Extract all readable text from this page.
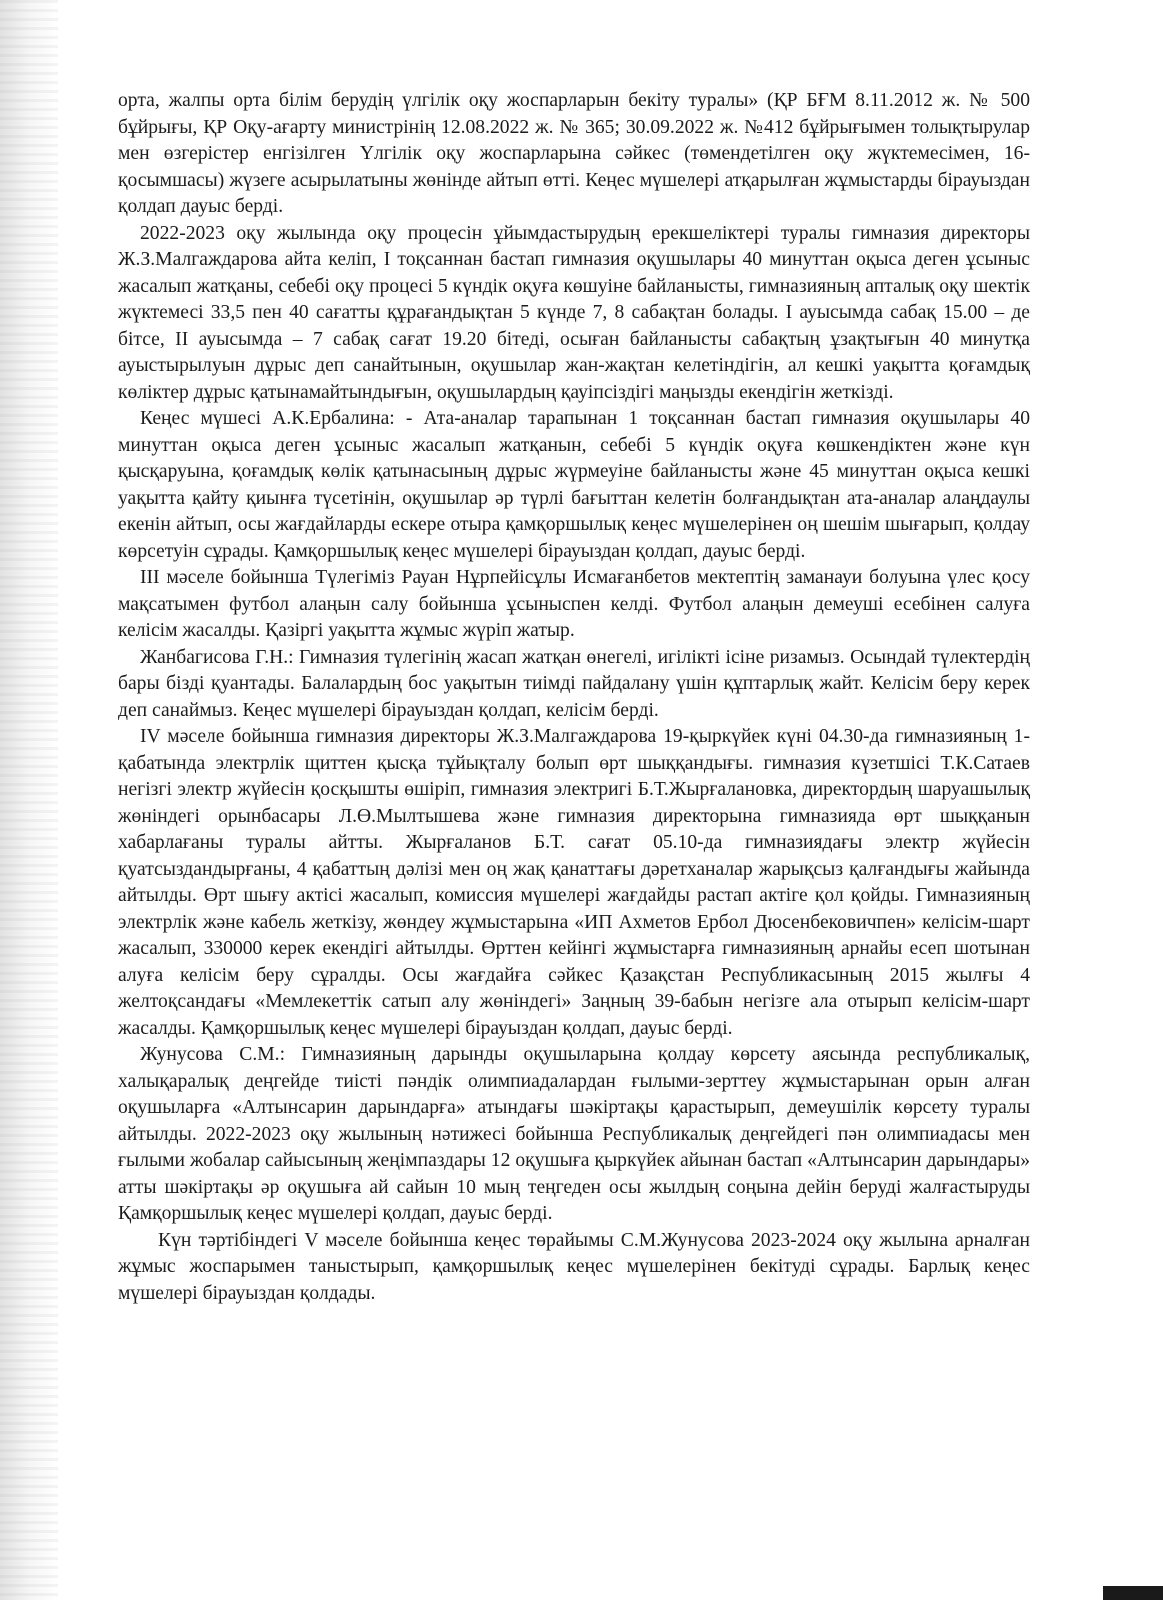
орта, жалпы орта білім берудің үлгілік оқу жоспарларын бекіту туралы» (ҚР БҒМ 8.11.2012 ж. № 500 бұйрығы, ҚР Оқу-ағарту министрінің 12.08.2022 ж. № 365; 30.09.2022 ж. №412 бұйрығымен толықтырулар мен өзгерістер енгізілген Үлгілік оқу жоспарларына сәйкес (төмендетілген оқу жүктемесімен, 16-қосымшасы) жүзеге асырылатыны жөнінде айтып өтті. Кеңес мүшелері атқарылған жұмыстарды бірауыздан қолдап дауыс берді.

2022-2023 оқу жылында оқу процесін ұйымдастырудың ерекшеліктері туралы гимназия директоры Ж.З.Малгаждарова айта келіп, І тоқсаннан бастап гимназия оқушылары 40 минуттан оқыса деген ұсыныс жасалып жатқаны, себебі оқу процесі 5 күндік оқуға көшуіне байланысты, гимназияның апталық оқу шектік жүктемесі 33,5 пен 40 сағатты құрағандықтан 5 күнде 7, 8 сабақтан болады. І ауысымда сабақ 15.00 – де бітсе, ІІ ауысымда – 7 сабақ сағат 19.20 бітеді, осыған байланысты сабақтың ұзақтығын 40 минутқа ауыстырылуын дұрыс деп санайтынын, оқушылар жан-жақтан келетіндігін, ал кешкі уақытта қоғамдық көліктер дұрыс қатынамайтындығын, оқушылардың қауіпсіздігі маңызды екендігін жеткізді.

Кеңес мүшесі А.К.Ербалина: - Ата-аналар тарапынан 1 тоқсаннан бастап гимназия оқушылары 40 минуттан оқыса деген ұсыныс жасалып жатқанын, себебі 5 күндік оқуға көшкендіктен және күн қысқаруына, қоғамдық көлік қатынасының дұрыс жүрмеуіне байланысты және 45 минуттан оқыса кешкі уақытта қайту қиынға түсетінін, оқушылар әр түрлі бағыттан келетін болғандықтан ата-аналар алаңдаулы екенін айтып, осы жағдайларды ескере отыра қамқоршылық кеңес мүшелерінен оң шешім шығарып, қолдау көрсетуін сұрады. Қамқоршылық кеңес мүшелері бірауыздан қолдап, дауыс берді.

ІІІ мәселе бойынша Түлегіміз Рауан Нұрпейісұлы Исмағанбетов мектептің заманауи болуына үлес қосу мақсатымен футбол алаңын салу бойынша ұсыныспен келді. Футбол алаңын демеуші есебінен салуға келісім жасалды. Қазіргі уақытта жұмыс жүріп жатыр.

Жанбагисова Г.Н.: Гимназия түлегінің жасап жатқан өнегелі, игілікті ісіне ризамыз. Осындай түлектердің бары бізді қуантады. Балалардың бос уақытын тиімді пайдалану үшін құптарлық жайт. Келісім беру керек деп санаймыз. Кеңес мүшелері бірауыздан қолдап, келісім берді.

IV мәселе бойынша гимназия директоры Ж.З.Малгаждарова 19-қыркүйек күні 04.30-да гимназияның 1-қабатында электрлік щиттен қысқа тұйықталу болып өрт шыққандығы. гимназия күзетшісі Т.К.Сатаев негізгі электр жүйесін қосқышты өшіріп, гимназия электригі Б.Т.Жырғалановка, директордың шаруашылық жөніндегі орынбасары Л.Ө.Мылтышева және гимназия директорына гимназияда өрт шыққанын хабарлағаны туралы айтты. Жырғаланов Б.Т. сағат 05.10-да гимназиядағы электр жүйесін қуатсыздандырғаны, 4 қабаттың дәлізі мен оң жақ қанаттағы дәретханалар жарықсыз қалғандығы жайында айтылды. Өрт шығу актісі жасалып, комиссия мүшелері жағдайды растап актіге қол қойды. Гимназияның электрлік және кабель жеткізу, жөндеу жұмыстарына «ИП Ахметов Ербол Дюсенбековичпен» келісім-шарт жасалып, 330000 керек екендігі айтылды. Өрттен кейінгі жұмыстарға гимназияның арнайы есеп шотынан алуға келісім беру сұралды. Осы жағдайға сәйкес Қазақстан Республикасының 2015 жылғы 4 желтоқсандағы «Мемлекеттік сатып алу жөніндегі» Заңның 39-бабын негізге ала отырып келісім-шарт жасалды. Қамқоршылық кеңес мүшелері бірауыздан қолдап, дауыс берді.

Жунусова С.М.: Гимназияның дарынды оқушыларына қолдау көрсету аясында республикалық, халықаралық деңгейде тиісті пәндік олимпиадалардан ғылыми-зерттеу жұмыстарынан орын алған оқушыларға «Алтынсарин дарындарға» атындағы шәкіртақы қарастырып, демеушілік көрсету туралы айтылды. 2022-2023 оқу жылының нәтижесі бойынша Республикалық деңгейдегі пән олимпиадасы мен ғылыми жобалар сайысының жеңімпаздары 12 оқушыға қыркүйек айынан бастап «Алтынсарин дарындары» атты шәкіртақы әр оқушыға ай сайын 10 мың теңгеден осы жылдың соңына дейін беруді жалғастыруды Қамқоршылық кеңес мүшелері қолдап, дауыс берді.

Күн тәртібіндегі V мәселе бойынша кеңес төрайымы С.М.Жунусова 2023-2024 оқу жылына арналған жұмыс жоспарымен таныстырып, қамқоршылық кеңес мүшелерінен бекітуді сұрады. Барлық кеңес мүшелері бірауыздан қолдады.
